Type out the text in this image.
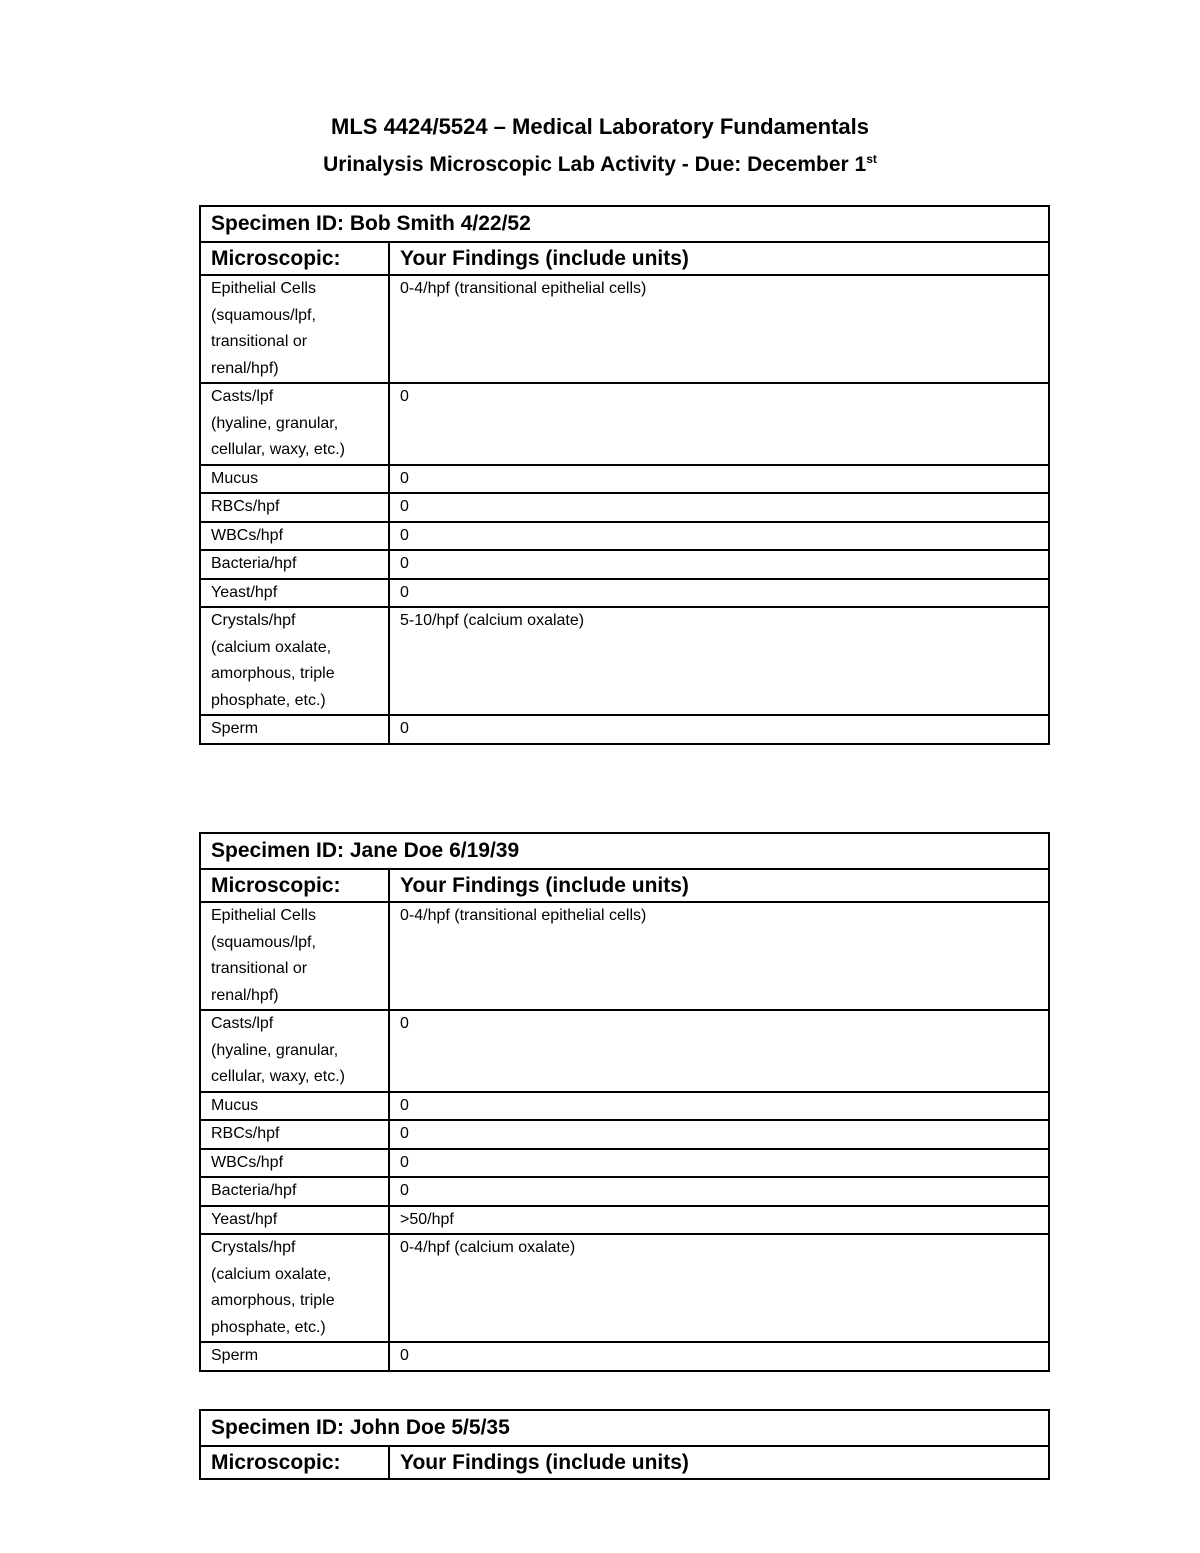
MLS 4424/5524 – Medical Laboratory Fundamentals

Urinalysis Microscopic Lab Activity - Due: December 1st

Specimen ID: Bob Smith 4/22/52	
Microscopic:	Your Findings (include units)

Epithelial Cells
(squamous/lpf,
transitional or
renal/hpf)	0-4/hpf (transitional epithelial cells)

Casts/lpf
(hyaline, granular,
cellular, waxy, etc.)	0
Mucus	0
RBCs/hpf	0
WBCs/hpf	0
Bacteria/hpf	0
Yeast/hpf	0

Crystals/hpf
(calcium oxalate,
amorphous, triple
phosphate, etc.)	5-10/hpf (calcium oxalate)
Sperm	0
Specimen ID: Jane Doe 6/19/39	
Microscopic:	Your Findings (include units)

Epithelial Cells
(squamous/lpf,
transitional or
renal/hpf)	0-4/hpf (transitional epithelial cells)

Casts/lpf
(hyaline, granular,
cellular, waxy, etc.)	0
Mucus	0
RBCs/hpf	0
WBCs/hpf	0
Bacteria/hpf	0
Yeast/hpf	>50/hpf

Crystals/hpf
(calcium oxalate,
amorphous, triple
phosphate, etc.)	0-4/hpf (calcium oxalate)
Sperm	0
Specimen ID: John Doe 5/5/35
Microscopic:	Your Findings (include units)
